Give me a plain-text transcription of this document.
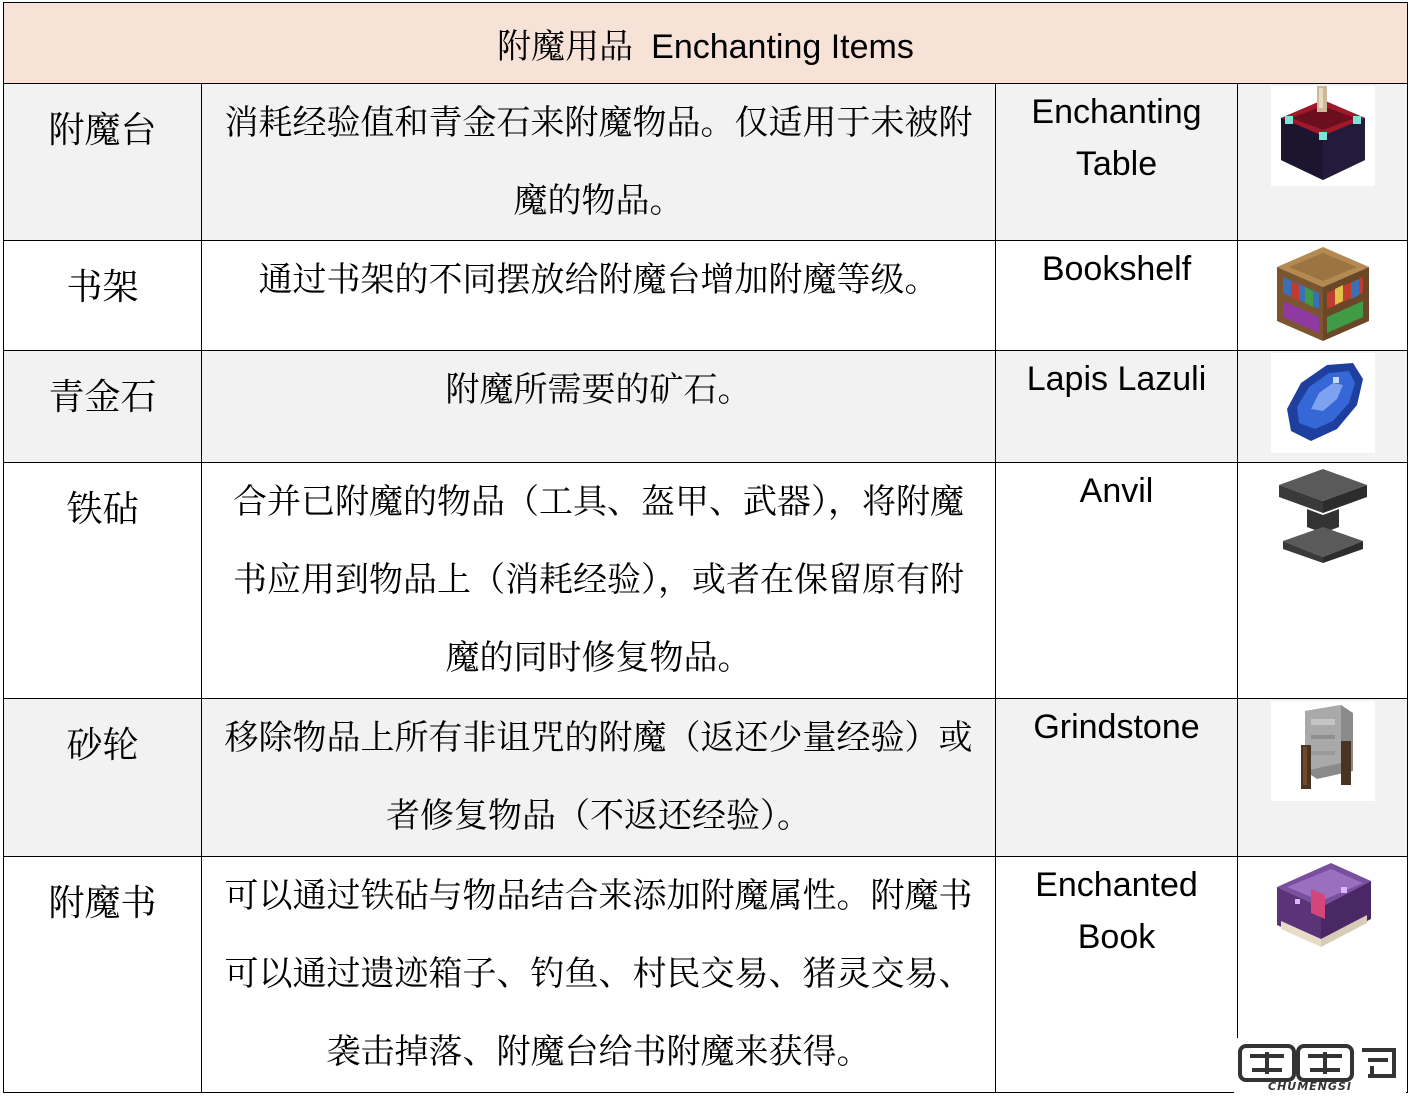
附魔用品 Enchanting Items			
附魔台	消耗经验值和青金石来附魔物品。仅适用于未被附魔的物品。	Enchanting Table	

书架	通过书架的不同摆放给附魔台增加附魔等级。	Bookshelf	

青金石	附魔所需要的矿石。	Lapis Lazuli	

铁砧	合并已附魔的物品（工具、盔甲、武器），将附魔书应用到物品上（消耗经验），或者在保留原有附魔的同时修复物品。	Anvil	

砂轮	移除物品上所有非诅咒的附魔（返还少量经验）或者修复物品（不返还经验）。	Grindstone	

附魔书	可以通过铁砧与物品结合来添加附魔属性。附魔书可以通过遗迹箱子、钓鱼、村民交易、猪灵交易、袭击掉落、附魔台给书附魔来获得。	Enchanted Book	
CHUMENGSI
